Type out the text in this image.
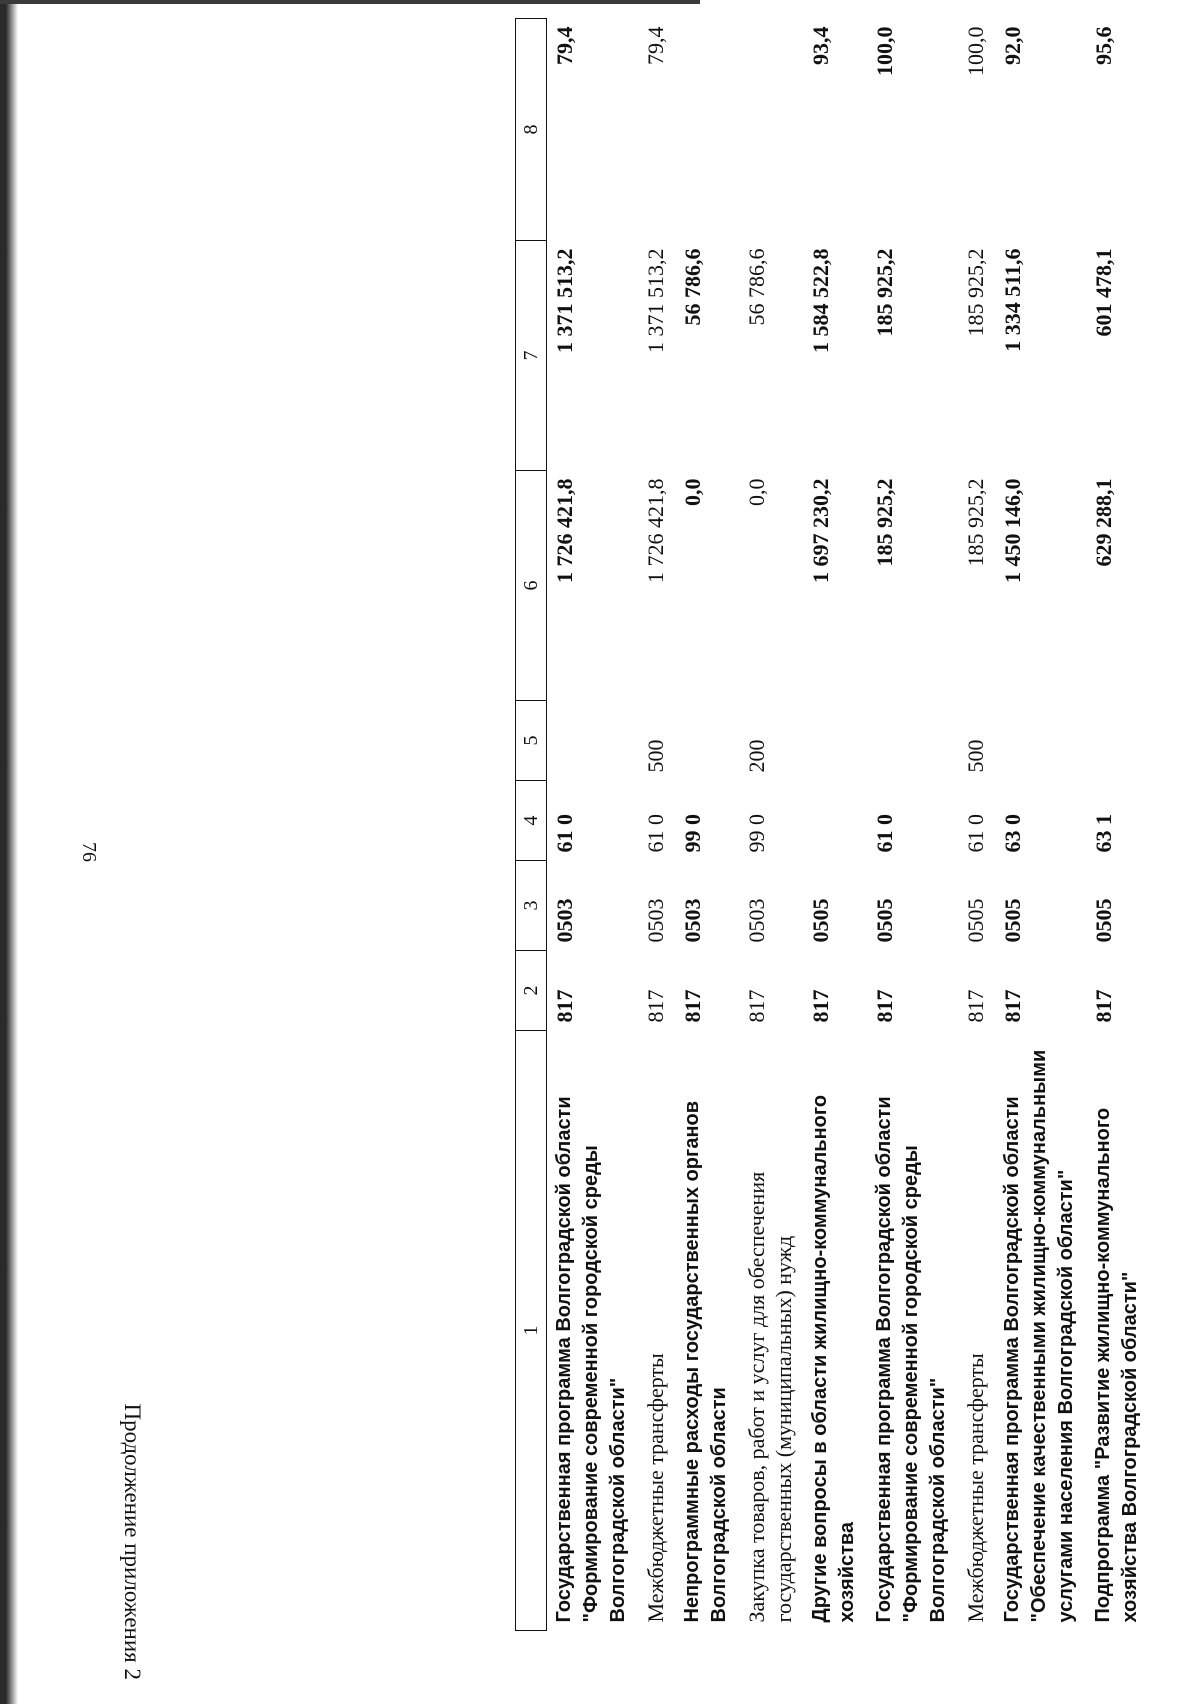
76
Продолжение приложения 2
1	2	3	4	5	6	7	8
Государственная программа Волгоградской области "Формирование современной городской среды Волгоградской области"	817	0503	61 0		1 726 421,8	1 371 513,2	79,4
Межбюджетные трансферты	817	0503	61 0	500	1 726 421,8	1 371 513,2	79,4
Непрограммные расходы государственных органов Волгоградской области	817	0503	99 0		0,0	56 786,6	
Закупка товаров, работ и услуг для обеспечения государственных (муниципальных) нужд	817	0503	99 0	200	0,0	56 786,6	
Другие вопросы в области жилищно-коммунального хозяйства	817	0505			1 697 230,2	1 584 522,8	93,4
Государственная программа Волгоградской области "Формирование современной городской среды Волгоградской области"	817	0505	61 0		185 925,2	185 925,2	100,0
Межбюджетные трансферты	817	0505	61 0	500	185 925,2	185 925,2	100,0
Государственная программа Волгоградской области "Обеспечение качественными жилищно-коммунальными услугами населения Волгоградской области"	817	0505	63 0		1 450 146,0	1 334 511,6	92,0
Подпрограмма "Развитие жилищно-коммунального хозяйства Волгоградской области"	817	0505	63 1		629 288,1	601 478,1	95,6
